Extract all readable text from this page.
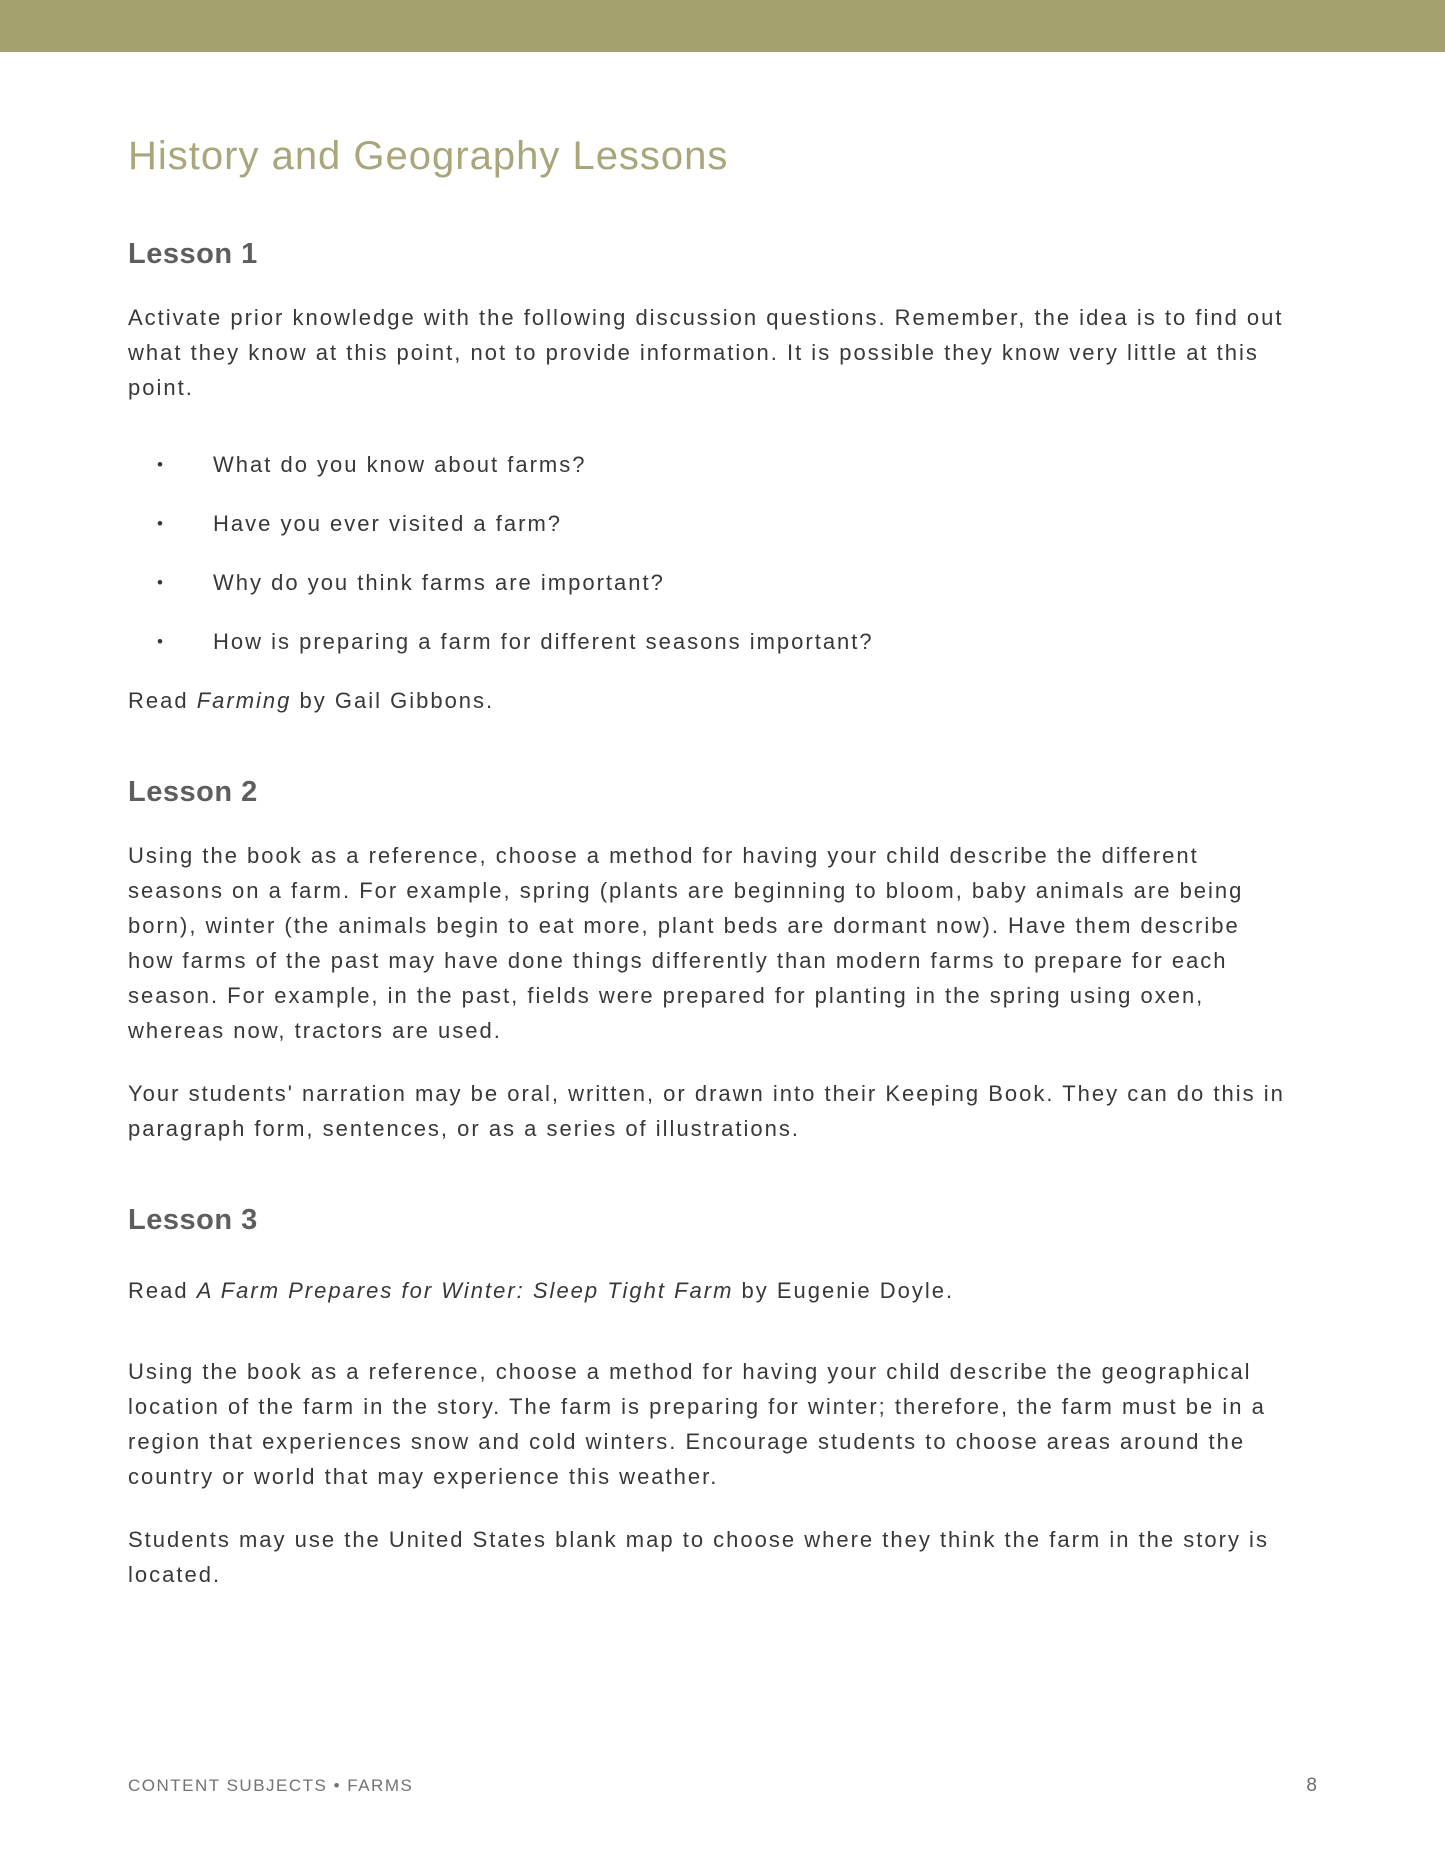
History and Geography Lessons
Lesson 1

Activate prior knowledge with the following discussion questions. Remember, the idea is to find out what they know at this point, not to provide information. It is possible they know very little at this point.

•	What do you know about farms?
•	Have you ever visited a farm?
•	Why do you think farms are important?
•	How is preparing a farm for different seasons important?

Read Farming by Gail Gibbons.

Lesson 2

Using the book as a reference, choose a method for having your child describe the different seasons on a farm. For example, spring (plants are beginning to bloom, baby animals are being born), winter (the animals begin to eat more, plant beds are dormant now). Have them describe how farms of the past may have done things differently than modern farms to prepare for each season. For example, in the past, fields were prepared for planting in the spring using oxen, whereas now, tractors are used.

Your students' narration may be oral, written, or drawn into their Keeping Book. They can do this in paragraph form, sentences, or as a series of illustrations.

Lesson 3

Read A Farm Prepares for Winter: Sleep Tight Farm by Eugenie Doyle.

Using the book as a reference, choose a method for having your child describe the geographical location of the farm in the story. The farm is preparing for winter; therefore, the farm must be in a region that experiences snow and cold winters. Encourage students to choose areas around the country or world that may experience this weather.

Students may use the United States blank map to choose where they think the farm in the story is located.

CONTENT SUBJECTS • FARMS	8
